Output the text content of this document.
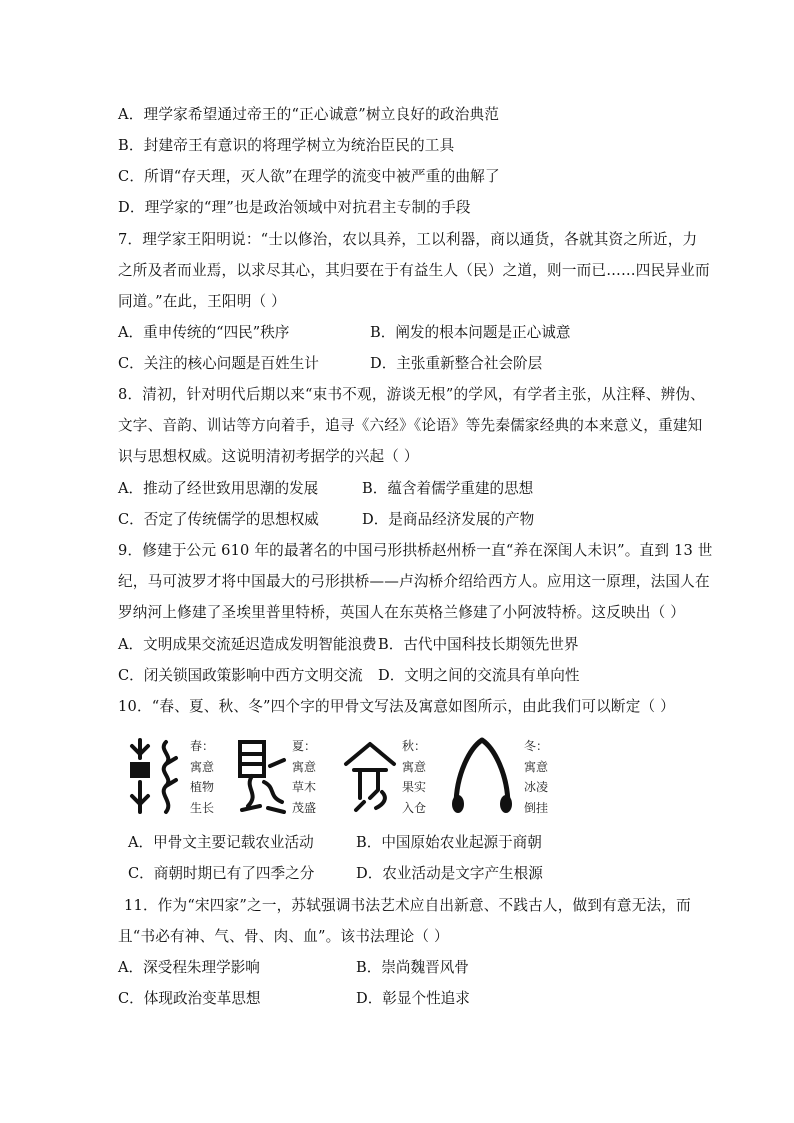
A．理学家希望通过帝王的“正心诚意”树立良好的政治典范
B．封建帝王有意识的将理学树立为统治臣民的工具
C．所谓“存天理，灭人欲”在理学的流变中被严重的曲解了
D．理学家的“理”也是政治领域中对抗君主专制的手段
7．理学家王阳明说：“士以修治，农以具养，工以利器，商以通货，各就其资之所近，力
之所及者而业焉，以求尽其心，其归要在于有益生人（民）之道，则一而已……四民异业而
同道。”在此，王阳明（ ）
A．重申传统的“四民”秩序	B．阐发的根本问题是正心诚意
C．关注的核心问题是百姓生计	D．主张重新整合社会阶层
8．清初，针对明代后期以来“束书不观，游谈无根”的学风，有学者主张，从注释、辨伪、
文字、音韵、训诂等方向着手，追寻《六经》《论语》等先秦儒家经典的本来意义，重建知
识与思想权威。这说明清初考据学的兴起（ ）
A．推动了经世致用思潮的发展	B．蕴含着儒学重建的思想
C．否定了传统儒学的思想权威	D．是商品经济发展的产物
9．修建于公元 610 年的最著名的中国弓形拱桥赵州桥一直“养在深闺人未识”。直到 13 世
纪，马可波罗才将中国最大的弓形拱桥——卢沟桥介绍给西方人。应用这一原理，法国人在
罗纳河上修建了圣埃里普里特桥，英国人在东英格兰修建了小阿波特桥。这反映出（ ）
A．文明成果交流延迟造成发明智能浪费 B．古代中国科技长期领先世界
C．闭关锁国政策影响中西方文明交流 D．文明之间的交流具有单向性
10．“春、夏、秋、冬”四个字的甲骨文写法及寓意如图所示，由此我们可以断定（ ）
春：
寓意
植物
生长
夏：
寓意
草木
茂盛
秋：
寓意
果实
入仓
冬：
寓意
冰凌
倒挂
A．甲骨文主要记载农业活动	B．中国原始农业起源于商朝
C．商朝时期已有了四季之分	D．农业活动是文字产生根源
11．作为“宋四家”之一，苏轼强调书法艺术应自出新意、不践古人，做到有意无法，而
且“书必有神、气、骨、肉、血”。该书法理论（ ）
A．深受程朱理学影响	B．崇尚魏晋风骨
C．体现政治变革思想	D．彰显个性追求
